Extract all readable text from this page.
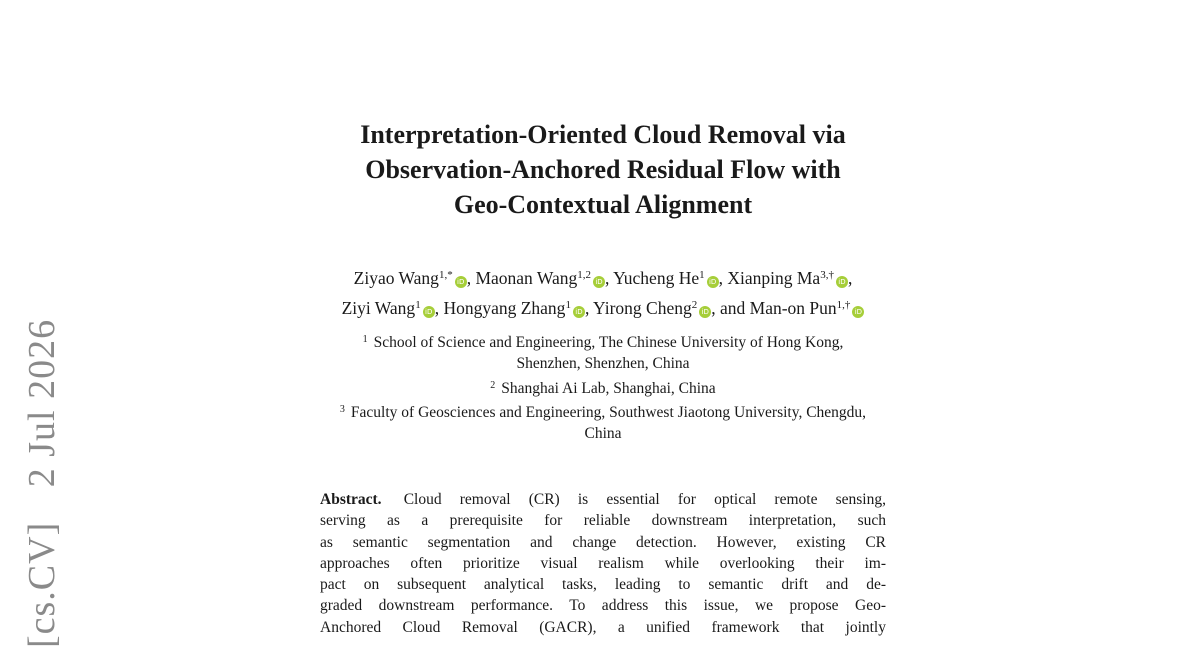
[cs.CV] 2 Jul 2026
Interpretation-Oriented Cloud Removal via
Observation-Anchored Residual Flow with
Geo-Contextual Alignment
Ziyao Wang$^{1,*}$iD , Maonan Wang$^{1,2}$iD , Yucheng He$^1$iD , Xianping $Ma^{3,\dagger}iD$ ,
Ziyi Wang$^1$iD , Hongyang Zhang$^1$iD , Yirong Cheng$^2$iD , and Man-on Pun$^{1,\dagger}$iD
$^1$ School of Science and Engineering, The Chinese University of Hong Kong,
Shenzhen, Shenzhen, China
$^2$ Shanghai Ai Lab, Shanghai, China
$^3$ Faculty of Geosciences and Engineering, Southwest Jiaotong University, Chengdu,
China
Abstract. Cloud removal (CR) is essential for optical remote sensing,
serving as a prerequisite for reliable downstream interpretation, such
as semantic segmentation and change detection. However, existing CR
approaches often prioritize visual realism while overlooking their im-
pact on subsequent analytical tasks, leading to semantic drift and de-
graded downstream performance. To address this issue, we propose Geo-
Anchored Cloud Removal (GACR), a unified framework that jointly
